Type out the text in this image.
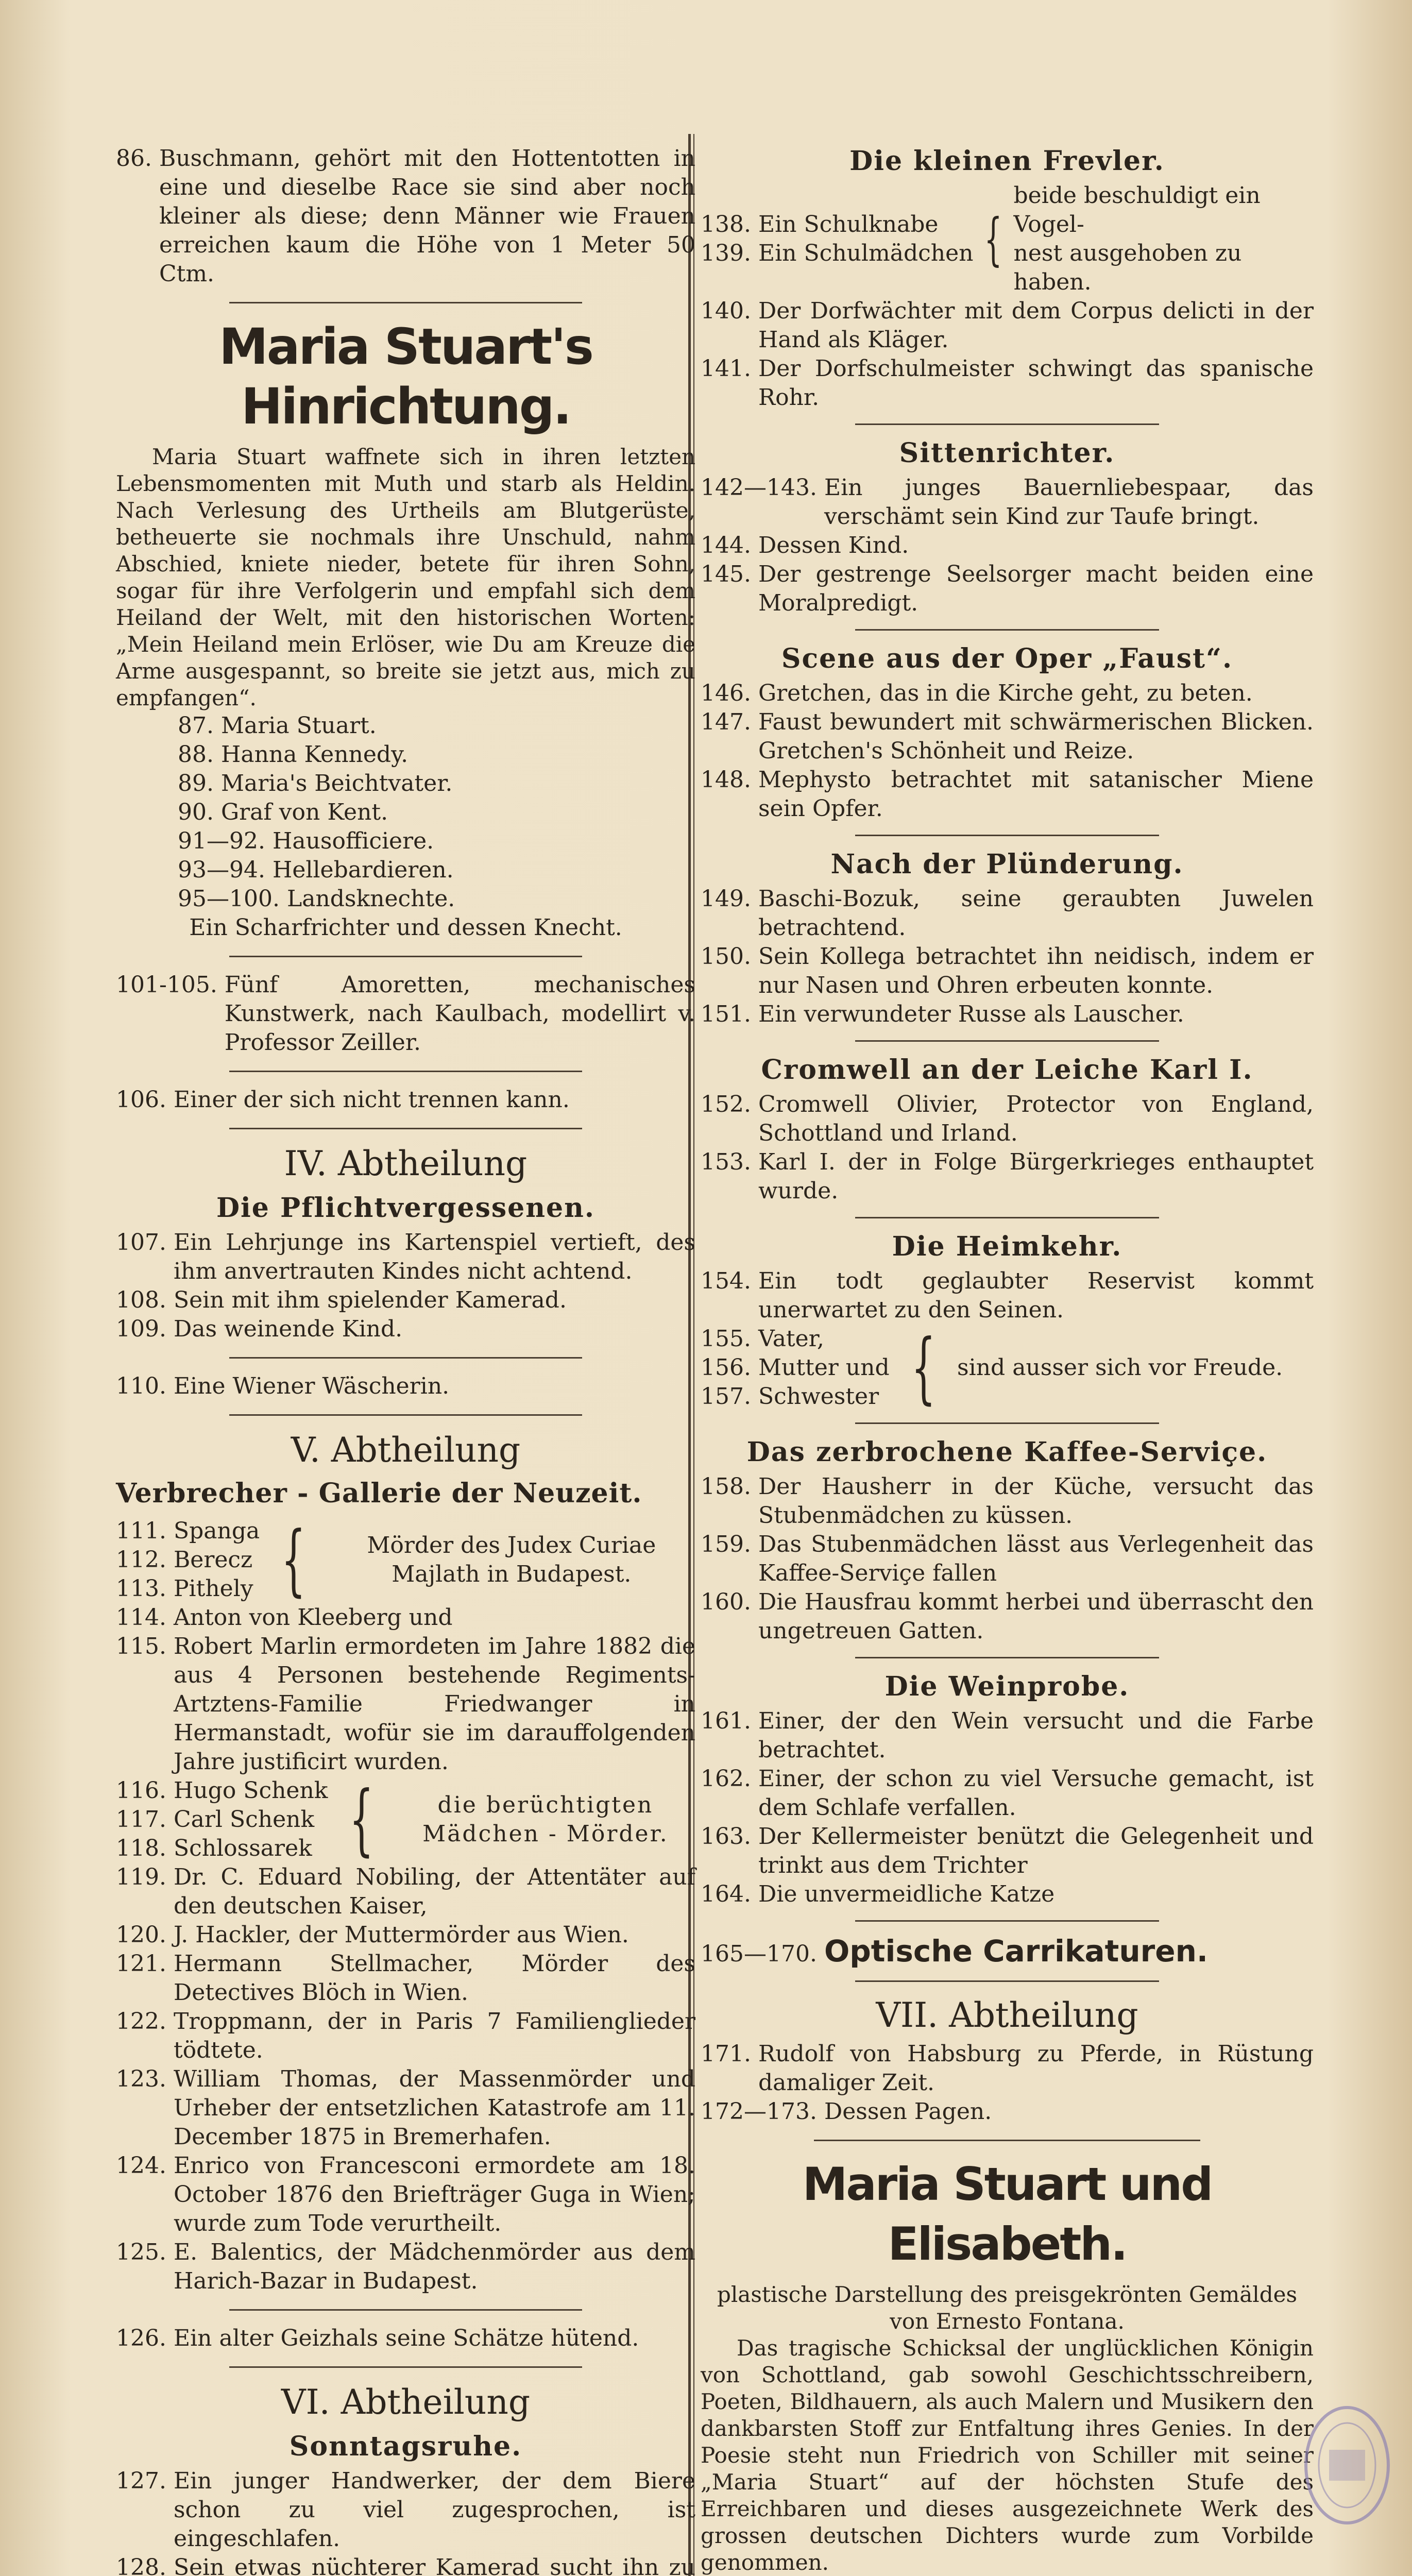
86. Buschmann, gehört mit den Hottentotten in eine und dieselbe Race sie sind aber noch kleiner als diese; denn Männer wie Frauen erreichen kaum die Höhe von 1 Meter 50 Ctm.
Maria Stuart's Hinrichtung.
Maria Stuart waffnete sich in ihren letzten Lebensmomenten mit Muth und starb als Heldin. Nach Verlesung des Urtheils am Blutgerüste, betheuerte sie nochmals ihre Unschuld, nahm Abschied, kniete nieder, betete für ihren Sohn, sogar für ihre Verfolgerin und empfahl sich dem Heiland der Welt, mit den historischen Worten: „Mein Heiland mein Erlöser, wie Du am Kreuze die Arme ausgespannt, so breite sie jetzt aus, mich zu empfangen“.
87. Maria Stuart.
88. Hanna Kennedy.
89. Maria's Beichtvater.
90. Graf von Kent.
91—92. Hausofficiere.
93—94. Hellebardieren.
95—100. Landsknechte.
Ein Scharfrichter und dessen Knecht.
101-105. Fünf Amoretten, mechanisches Kunstwerk, nach Kaulbach, modellirt v. Professor Zeiller.
106. Einer der sich nicht trennen kann.
IV. Abtheilung
Die Pflichtvergessenen.
107. Ein Lehrjunge ins Kartenspiel vertieft, des ihm anvertrauten Kindes nicht achtend.
108. Sein mit ihm spielender Kamerad.
109. Das weinende Kind.
110. Eine Wiener Wäscherin.
V. Abtheilung
Verbrecher - Gallerie der Neuzeit.
111. Spanga
112. Berecz
113. Pithely {	Mörder des Judex Curiae Majlath in Budapest.
114. Anton von Kleeberg und
115. Robert Marlin ermordeten im Jahre 1882 die aus 4 Personen bestehende Regiments-Artztens-Familie Friedwanger in Hermanstadt, wofür sie im darauffolgenden Jahre justificirt wurden.
116. Hugo Schenk
117. Carl Schenk
118. Schlossarek {	die berüchtigten Mädchen - Mörder.
119. Dr. C. Eduard Nobiling, der Attentäter auf den deutschen Kaiser,
120. J. Hackler, der Muttermörder aus Wien.
121. Hermann Stellmacher, Mörder des Detectives Blöch in Wien.
122. Troppmann, der in Paris 7 Familienglieder tödtete.
123. William Thomas, der Massenmörder und Urheber der entsetzlichen Katastrofe am 11. December 1875 in Bremerhafen.
124. Enrico von Francesconi ermordete am 18. October 1876 den Briefträger Guga in Wien; wurde zum Tode verurtheilt.
125. E. Balentics, der Mädchenmörder aus dem Harich-Bazar in Budapest.
126. Ein alter Geizhals seine Schätze hütend.
VI. Abtheilung
Sonntagsruhe.
127. Ein junger Handwerker, der dem Biere schon zu viel zugesprochen, ist eingeschlafen.
128. Sein etwas nüchterer Kamerad sucht ihn zu
Die kleinen Frevler.
138. Ein Schulknabe
139. Ein Schulmädchen {
beide beschuldigt ein Vogel-
nest ausgehoben zu haben.
140. Der Dorfwächter mit dem Corpus delicti in der Hand als Kläger.
141. Der Dorfschulmeister schwingt das spanische Rohr.
Sittenrichter.
142—143. Ein junges Bauernliebespaar, das verschämt sein Kind zur Taufe bringt.
144. Dessen Kind.
145. Der gestrenge Seelsorger macht beiden eine Moralpredigt.
Scene aus der Oper „Faust“.
146. Gretchen, das in die Kirche geht, zu beten.
147. Faust bewundert mit schwärmerischen Blicken. Gretchen's Schönheit und Reize.
148. Mephysto betrachtet mit satanischer Miene sein Opfer.
Nach der Plünderung.
149. Baschi-Bozuk, seine geraubten Juwelen betrachtend.
150. Sein Kollega betrachtet ihn neidisch, indem er nur Nasen und Ohren erbeuten konnte.
151. Ein verwundeter Russe als Lauscher.
Cromwell an der Leiche Karl I.
152. Cromwell Olivier, Protector von England, Schottland und Irland.
153. Karl I. der in Folge Bürgerkrieges enthauptet wurde.
Die Heimkehr.
154. Ein todt geglaubter Reservist kommt unerwartet zu den Seinen.
155. Vater,
156. Mutter und
157. Schwester { sind ausser sich vor Freude.
Das zerbrochene Kaffee-Serviçe.
158. Der Hausherr in der Küche, versucht das Stubenmädchen zu küssen.
159. Das Stubenmädchen lässt aus Verlegenheit das Kaffee-Serviçe fallen
160. Die Hausfrau kommt herbei und überrascht den ungetreuen Gatten.
Die Weinprobe.
161. Einer, der den Wein versucht und die Farbe betrachtet.
162. Einer, der schon zu viel Versuche gemacht, ist dem Schlafe verfallen.
163. Der Kellermeister benützt die Gelegenheit und trinkt aus dem Trichter
164. Die unvermeidliche Katze
165—170. Optische Carrikaturen.
VII. Abtheilung
171. Rudolf von Habsburg zu Pferde, in Rüstung damaliger Zeit.
172—173. Dessen Pagen.
Maria Stuart und Elisabeth.
plastische Darstellung des preisgekrönten Gemäldes von Ernesto Fontana.
Das tragische Schicksal der unglücklichen Königin von Schottland, gab sowohl Geschichtsschreibern, Poeten, Bildhauern, als auch Malern und Musikern den dankbarsten Stoff zur Entfaltung ihres Genies. In der Poesie steht nun Friedrich von Schiller mit seiner „Maria Stuart“ auf der höchsten Stufe des Erreichbaren und dieses ausgezeichnete Werk des grossen deutschen Dichters wurde zum Vorbilde genommen.
